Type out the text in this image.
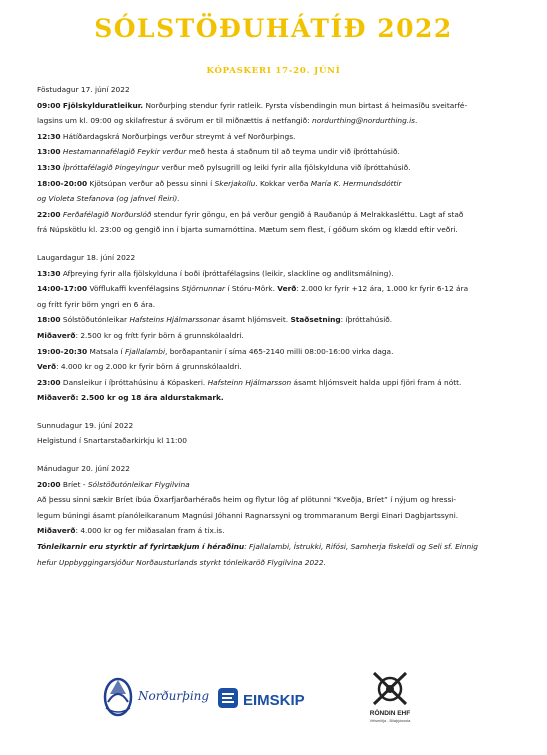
SÓLSTÖÐUHÁTÍÐ 2022
KÓPASKERI 17-20. JÚNÍ
Föstudagur 17. júní 2022
09:00 Fjölskylduratleikur. Norðurþing stendur fyrir ratleik. Fyrsta vísbendingin mun birtast á heimasíðu sveitarfé-
lagsins um kl. 09:00 og skilafrestur á svörum er til miðnættis á netfangið: nordurthing@nordurthing.is.
12:30 Hátíðardagskrá Norðurþings verður streymt á vef Norðurþings.
13:00 Hestamannafélagið Feykir verður með hesta á staðnum til að teyma undir við íþróttahúsið.
13:30 Íþróttafélagið Þingeyingur verður með pylsugrill og leiki fyrir alla fjölskylduna við íþróttahúsið.
18:00-20:00 Kjötsúpan verður að þessu sinni í Skerjakollu. Kokkar verða María K. Hermundsdóttir
og Violeta Stefanova (og jafnvel fleiri).
22:00 Ferðafélagið Norðurslóð stendur fyrir göngu, en þá verður gengið á Rauðanúp á Melrakkasléttu. Lagt af stað
frá Núpskötlu kl. 23:00 og gengið inn í bjarta sumarnóttina. Mætum sem flest, í góðum skóm og klædd eftir veðri.
Laugardagur 18. júní 2022
13:30 Afþreying fyrir alla fjölskylduna í boði íþróttafélagsins (leikir, slackline og andlitsmálning).
14:00-17:00 Vöfflukaffi kvenfélagsins Stjörnunnar í Stóru-Mörk. Verð: 2.000 kr fyrir +12 ára, 1.000 kr fyrir 6-12 ára
og frítt fyrir börn yngri en 6 ára.
18:00 Sólstöðutónleikar Hafsteins Hjálmarssonar ásamt hljómsveit. Staðsetning: íþróttahúsið.
Miðaverð: 2.500 kr og frítt fyrir börn á grunnskólaaldri.
19:00-20:30 Matsala í Fjallalambi, borðapantanir í síma 465-2140 milli 08:00-16:00 virka daga.
Verð: 4.000 kr og 2.000 kr fyrir börn á grunnskólaaldri.
23:00 Dansleikur í íþróttahúsinu á Kópaskeri. Hafsteinn Hjálmarsson ásamt hljómsveit halda uppi fjöri fram á nótt.
Miðaverð: 2.500 kr og 18 ára aldurstakmark.
Sunnudagur 19. júní 2022
Helgistund í Snartarstaðarkirkju kl 11:00
Mánudagur 20. júní 2022
20:00 Bríet - Sólstöðutónleikar Flygilvina
Að þessu sinni sækir Bríet íbúa Öxarfjarðarhéraðs heim og flytur lög af plötunni “Kveðja, Bríet” í nýjum og hressi-
legum búningi ásamt píanóleikaranum Magnúsi Jóhanni Ragnarssyni og trommaranum Bergi Einari Dagbjartssyni.
Miðaverð: 4.000 kr og fer miðasalan fram á tix.is.
Tónleikarnir eru styrktir af fyrirtækjum í héraðinu: Fjallalambi, Ístrukki, Rifósi, Samherja fiskeldi og Seli sf. Einnig
hefur Uppbyggingarsjóður Norðausturlands styrkt tónleikaröð Flygilvina 2022.
Norðurþing EIMSKIP
RÖNDIN EHF
Vélsmiðja - Bílaþjónusta
